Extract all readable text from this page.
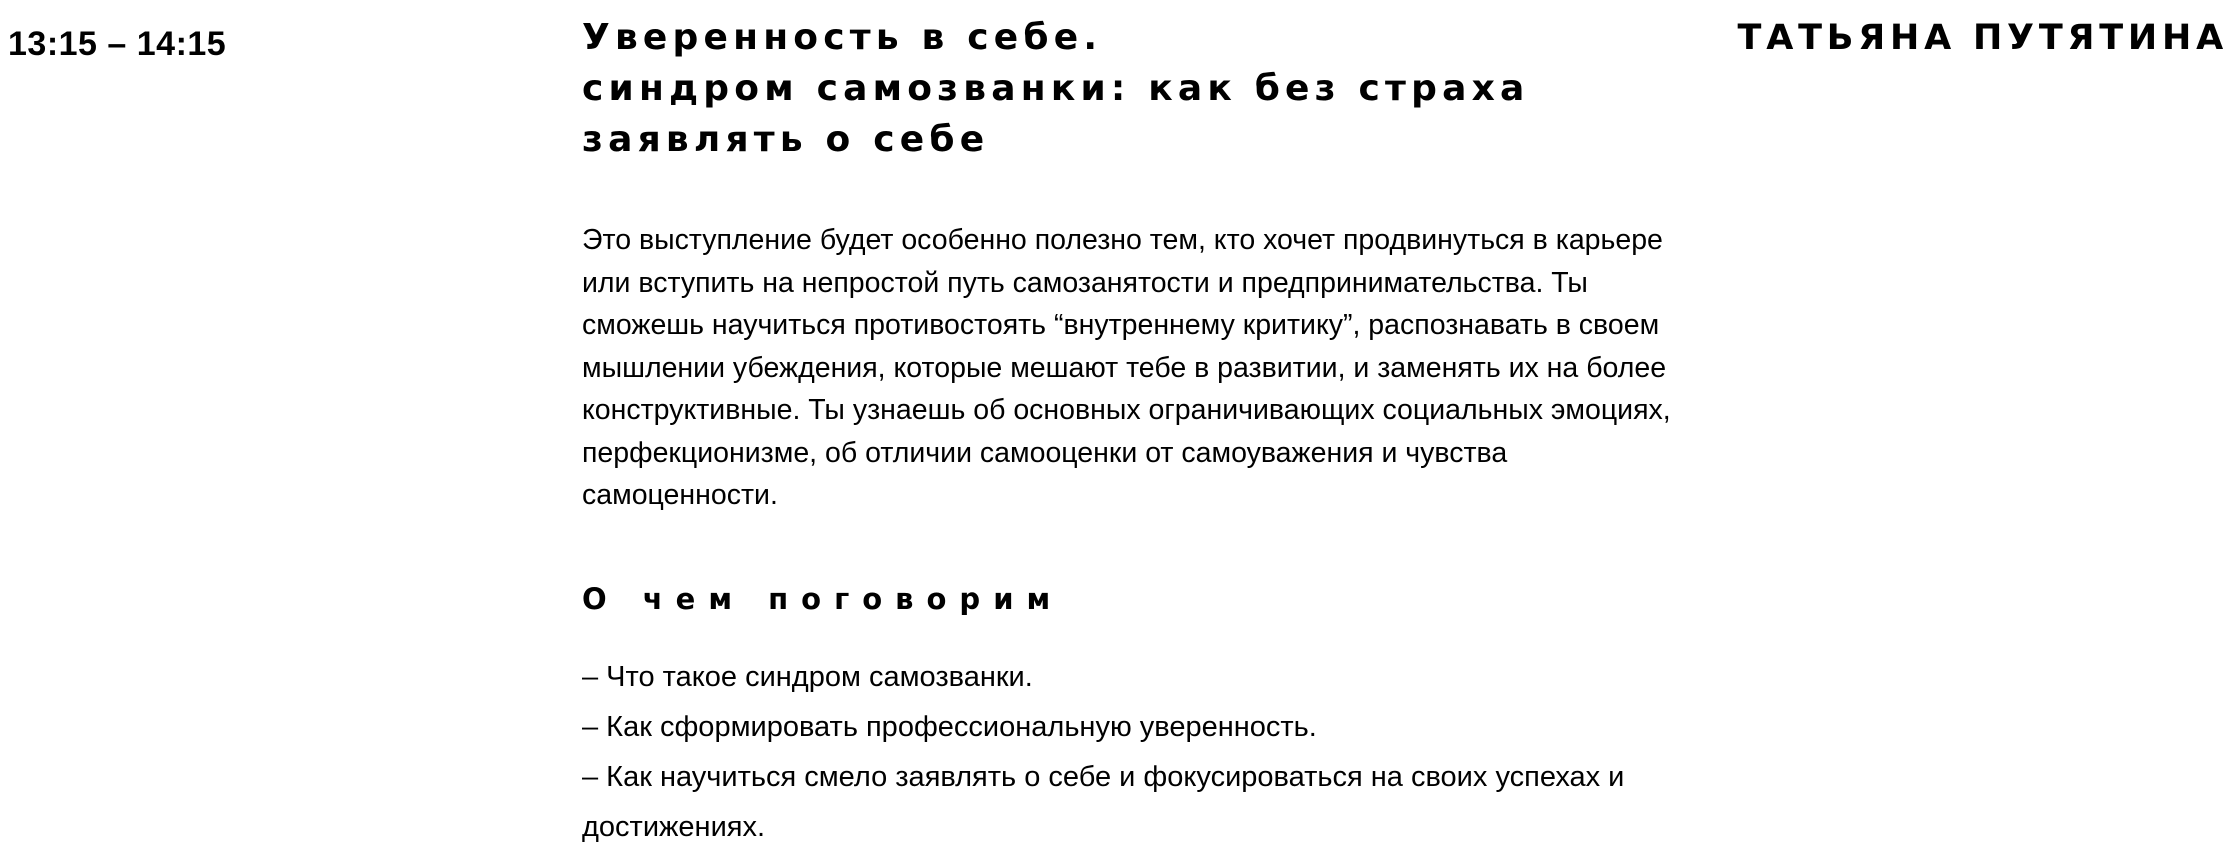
13:15 – 14:15	Уверенность в себе.
синдром самозванки: как без страха
заявлять о себе

Это выступление будет особенно полезно тем, кто хочет продвинуться в карьере или вступить на непростой путь самозанятости и предпринимательства. Ты сможешь научиться противостоять “внутреннему критику”, распознавать в своем мышлении убеждения, которые мешают тебе в развитии, и заменять их на более конструктивные. Ты узнаешь об основных ограничивающих социальных эмоциях, перфекционизме, об отличии самооценки от самоуважения и чувства самоценности.

О чем поговорим
– Что такое синдром самозванки.
– Как сформировать профессиональную уверенность.
– Как научиться смело заявлять о себе и фокусироваться на своих успехах и достижениях.
ТАТЬЯНА ПУТЯТИНА
